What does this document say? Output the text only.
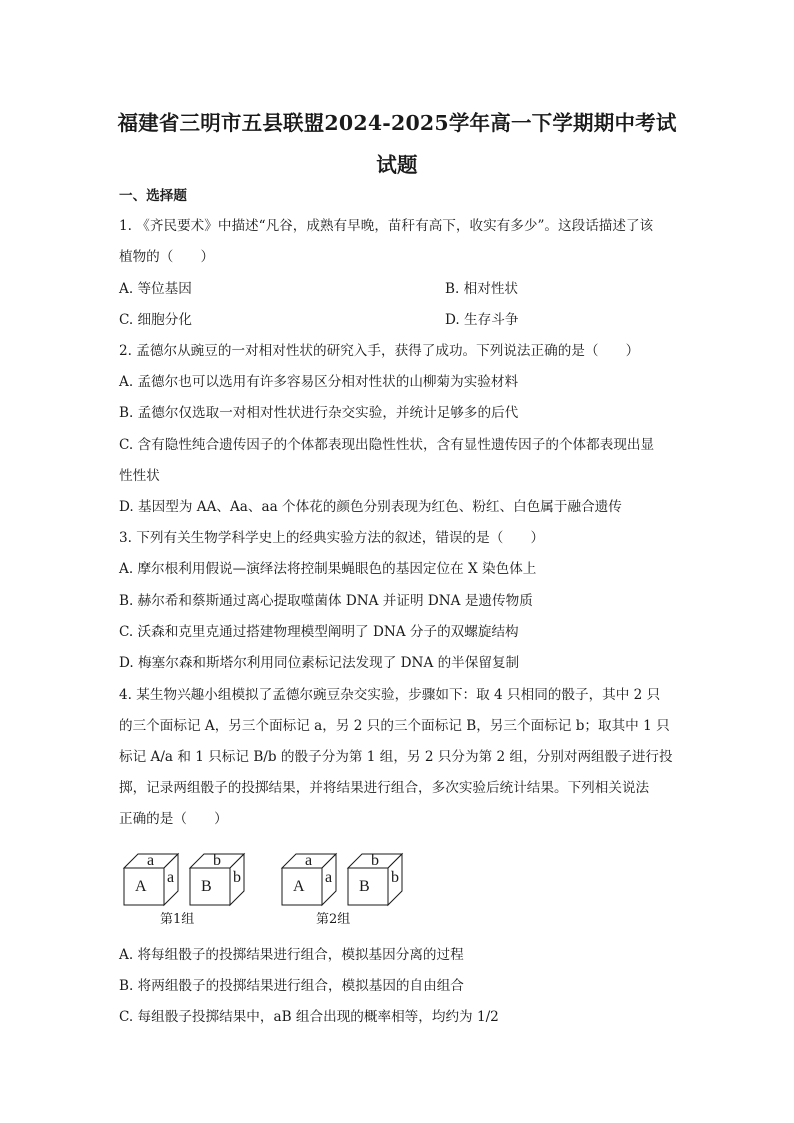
福建省三明市五县联盟2024-2025学年高一下学期期中考试
试题
一、选择题
1. 《齐民要术》中描述“凡谷，成熟有早晚，苗秆有高下，收实有多少”。这段话描述了该
植物的（　　）
A. 等位基因	B. 相对性状
C. 细胞分化	D. 生存斗争
2. 孟德尔从豌豆的一对相对性状的研究入手，获得了成功。下列说法正确的是（　　）
A. 孟德尔也可以选用有许多容易区分相对性状的山柳菊为实验材料
B. 孟德尔仅选取一对相对性状进行杂交实验，并统计足够多的后代
C. 含有隐性纯合遗传因子的个体都表现出隐性性状，含有显性遗传因子的个体都表现出显
性性状
D. 基因型为 AA、Aa、aa 个体花的颜色分别表现为红色、粉红、白色属于融合遗传
3. 下列有关生物学科学史上的经典实验方法的叙述，错误的是（　　）
A. 摩尔根利用假说—演绎法将控制果蝇眼色的基因定位在 X 染色体上
B. 赫尔希和蔡斯通过离心提取噬菌体 DNA 并证明 DNA 是遗传物质
C. 沃森和克里克通过搭建物理模型阐明了 DNA 分子的双螺旋结构
D. 梅塞尔森和斯塔尔利用同位素标记法发现了 DNA 的半保留复制
4. 某生物兴趣小组模拟了孟德尔豌豆杂交实验，步骤如下：取 4 只相同的骰子，其中 2 只
的三个面标记 A，另三个面标记 a，另 2 只的三个面标记 B，另三个面标记 b；取其中 1 只
标记 A/a 和 1 只标记 B/b 的骰子分为第 1 组，另 2 只分为第 2 组，分别对两组骰子进行投
掷，记录两组骰子的投掷结果，并将结果进行组合，多次实验后统计结果。下列相关说法
正确的是（　　）
A
a
a
B
b
b
A
a
a
B
b
b
第1组	第2组
A. 将每组骰子的投掷结果进行组合，模拟基因分离的过程
B. 将两组骰子的投掷结果进行组合，模拟基因的自由组合
C. 每组骰子投掷结果中，aB 组合出现的概率相等，均约为 1/2
